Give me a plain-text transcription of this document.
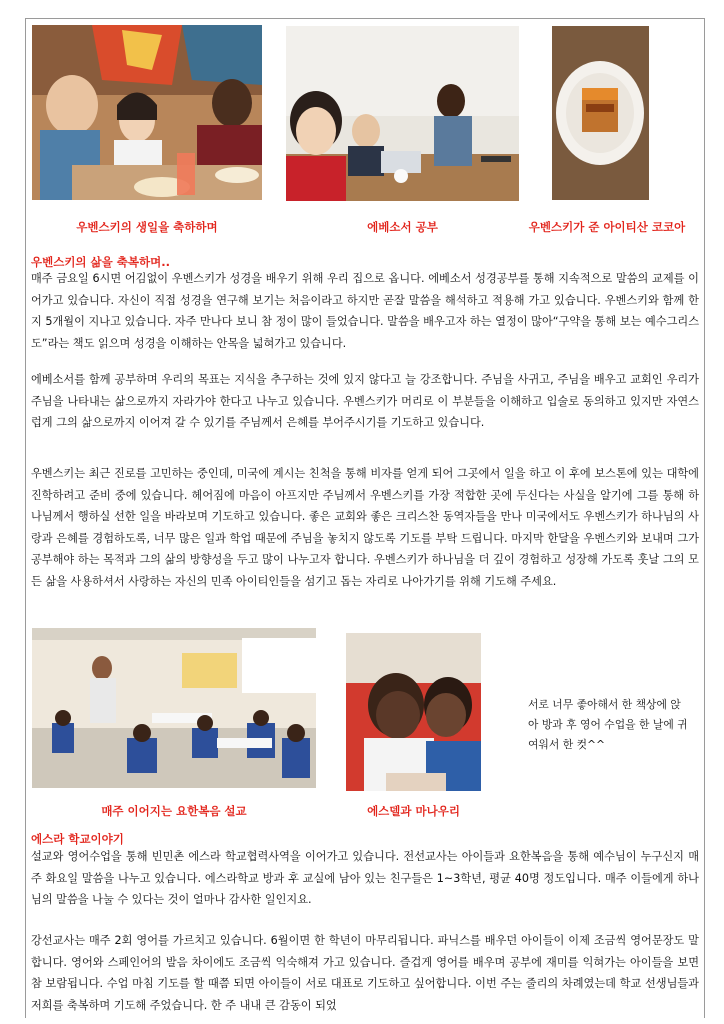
우벤스키의 생일을 축하하며	에베소서 공부	우벤스키가 준 아이티산 코코아
우벤스키의 삶을 축복하며..

매주 금요일 6시면 어김없이 우벤스키가 성경을 배우기 위해 우리 집으로 옵니다. 에베소서 성경공부를 통해 지속적으로 말씀의 교제를 이어가고 있습니다. 자신이 직접 성경을 연구해 보기는 처음이라고 하지만 곧잘 말씀을 해석하고 적용해 가고 있습니다. 우벤스키와 함께 한 지 5개월이 지나고 있습니다. 자주 만나다 보니 참 정이 많이 들었습니다. 말씀을 배우고자 하는 열정이 많아“구약을 통해 보는 예수그리스도”라는 책도 읽으며 성경을 이해하는 안목을 넓혀가고 있습니다.

에베소서를 함께 공부하며 우리의 목표는 지식을 추구하는 것에 있지 않다고 늘 강조합니다. 주님을 사귀고, 주님을 배우고 교회인 우리가 주님을 나타내는 삶으로까지 자라가야 한다고 나누고 있습니다. 우벤스키가 머리로 이 부분들을 이해하고 입술로 동의하고 있지만 자연스럽게 그의 삶으로까지 이어져 갈 수 있기를 주님께서 은혜를 부어주시기를 기도하고 있습니다.

우벤스키는 최근 진로를 고민하는 중인데, 미국에 계시는 친척을 통해 비자를 얻게 되어 그곳에서 일을 하고 이 후에 보스톤에 있는 대학에 진학하려고 준비 중에 있습니다. 헤어짐에 마음이 아프지만 주님께서 우벤스키를 가장 적합한 곳에 두신다는 사실을 알기에 그를 통해 하나님께서 행하실 선한 일을 바라보며 기도하고 있습니다. 좋은 교회와 좋은 크리스찬 동역자들을 만나 미국에서도 우벤스키가 하나님의 사랑과 은혜를 경험하도록, 너무 많은 일과 학업 때문에 주님을 놓치지 않도록 기도를 부탁 드립니다. 마지막 한달을 우벤스키와 보내며 그가 공부해야 하는 목적과 그의 삶의 방향성을 두고 많이 나누고자 합니다. 우벤스키가 하나님을 더 깊이 경험하고 성장해 가도록 훗날 그의 모든 삶을 사용하셔서 사랑하는 자신의 민족 아이티인들을 섬기고 돕는 자리로 나아가기를 위해 기도해 주세요.

서로 너무 좋아해서 한 책상에 앉아 방과 후 영어 수업을 한 날에 귀여워서 한 컷^^
매주 이어지는 요한복음 설교	에스델과 마나우리
에스라 학교이야기

설교와 영어수업을 통해 빈민촌 에스라 학교협력사역을 이어가고 있습니다. 전선교사는 아이들과 요한복음을 통해 예수님이 누구신지 매주 화요일 말씀을 나누고 있습니다. 에스라학교 방과 후 교실에 남아 있는 친구들은 1~3학년, 평균 40명 정도입니다. 매주 이들에게 하나님의 말씀을 나눌 수 있다는 것이 얼마나 감사한 일인지요.

강선교사는 매주 2회 영어를 가르치고 있습니다. 6월이면 한 학년이 마무리됩니다. 파닉스를 배우던 아이들이 이제 조금씩 영어문장도 말합니다. 영어와 스페인어의 발음 차이에도 조금씩 익숙해져 가고 있습니다. 즐겁게 영어를 배우며 공부에 재미를 익혀가는 아이들을 보면 참 보람됩니다. 수업 마침 기도를 할 때쯤 되면 아이들이 서로 대표로 기도하고 싶어합니다. 이번 주는 줄리의 차례였는데 학교 선생님들과 저희를 축복하며 기도해 주었습니다. 한 주 내내 큰 감동이 되었
